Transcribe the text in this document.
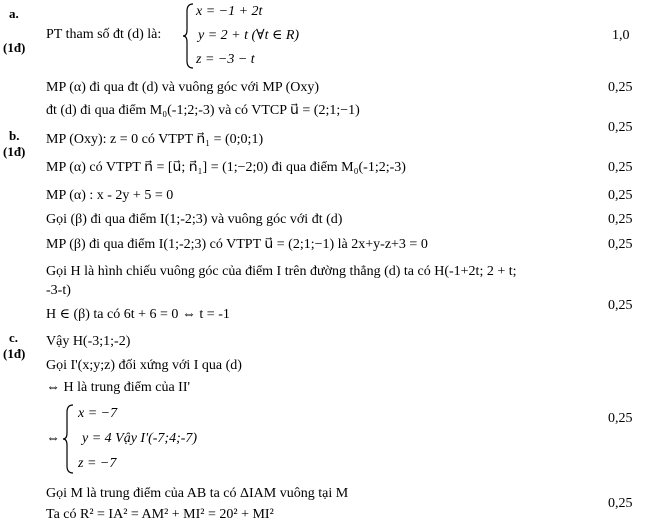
a.
(1đ)
b.
(1đ)
c.
(1đ)
PT tham số đt (d) là:
x = −1 + 2t
y = 2 + t (∀t ∈ R)
z = −3 − t
1,0
MP (α) đi qua đt (d) và vuông góc với MP (Oxy)
đt (d) đi qua điểm M₀(-1;2;-3) và có VTCP u⃗ = (2;1;−1)
MP (Oxy): z = 0 có VTPT n⃗₁ = (0;0;1)
MP (α) có VTPT n⃗ = [u⃗; n⃗₁] = (1;−2;0) đi qua điểm M₀(-1;2;-3)
MP (α) : x - 2y + 5 = 0
Gọi (β) đi qua điểm I(1;-2;3) và vuông góc với đt (d)
MP (β) đi qua điểm I(1;-2;3) có VTPT u⃗ = (2;1;−1) là 2x+y-z+3 = 0
Gọi H là hình chiếu vuông góc của điểm I trên đường thẳng (d) ta có H(-1+2t; 2 + t;
-3-t)
H ∈ (β) ta có 6t + 6 = 0 ⇔ t = -1
Vậy H(-3;1;-2)
Gọi I'(x;y;z) đối xứng với I qua (d)
⇔ H là trung điểm của II'
⇔
x = −7
y = 4 Vậy I'(-7;4;-7)
z = −7
Gọi M là trung điểm của AB ta có ΔIAM vuông tại M
Ta có R² = IA² = AM² + MI² = 20² + MI²
0,25
0,25
0,25
0,25
0,25
0,25
0,25
0,25
0,25
